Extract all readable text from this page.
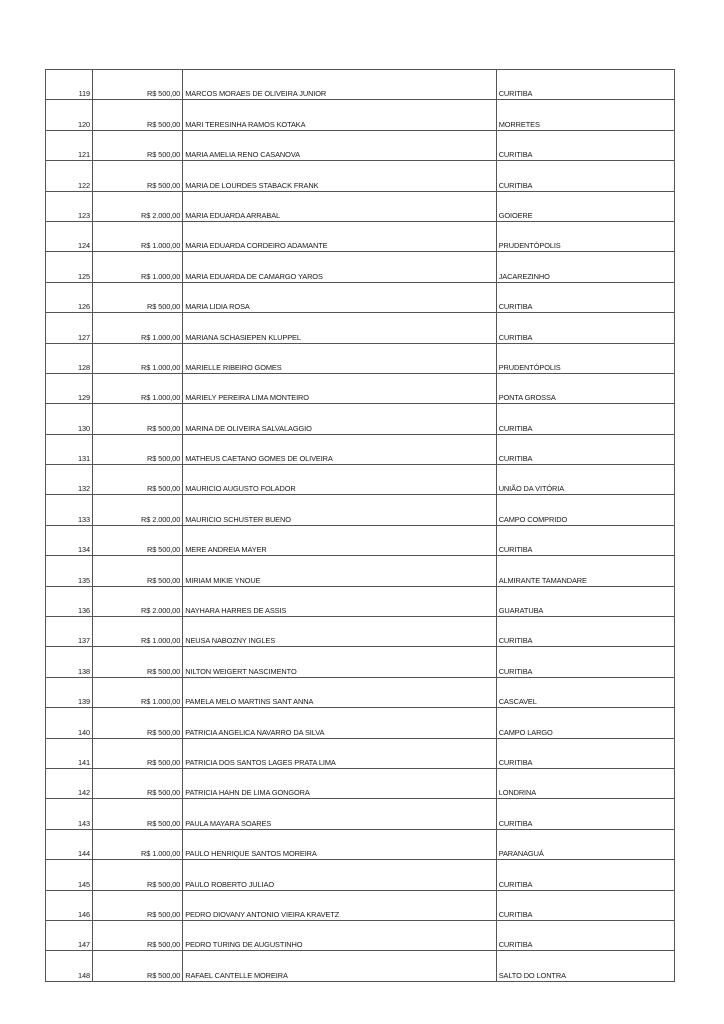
119	R$ 500,00	MARCOS MORAES DE OLIVEIRA JUNIOR	CURITIBA
120	R$ 500,00	MARI TERESINHA RAMOS KOTAKA	MORRETES
121	R$ 500,00	MARIA AMELIA RENO CASANOVA	CURITIBA
122	R$ 500,00	MARIA DE LOURDES STABACK FRANK	CURITIBA
123	R$ 2.000,00	MARIA EDUARDA ARRABAL	GOIOERE
124	R$ 1.000,00	MARIA EDUARDA CORDEIRO ADAMANTE	PRUDENTÓPOLIS
125	R$ 1.000,00	MARIA EDUARDA DE CAMARGO YAROS	JACAREZINHO
126	R$ 500,00	MARIA LIDIA ROSA	CURITIBA
127	R$ 1.000,00	MARIANA SCHASIEPEN KLUPPEL	CURITIBA
128	R$ 1.000,00	MARIELLE RIBEIRO GOMES	PRUDENTÓPOLIS
129	R$ 1.000,00	MARIELY PEREIRA LIMA MONTEIRO	PONTA GROSSA
130	R$ 500,00	MARINA DE OLIVEIRA SALVALAGGIO	CURITIBA
131	R$ 500,00	MATHEUS CAETANO GOMES DE OLIVEIRA	CURITIBA
132	R$ 500,00	MAURICIO AUGUSTO FOLADOR	UNIÃO DA VITÓRIA
133	R$ 2.000,00	MAURICIO SCHUSTER BUENO	CAMPO COMPRIDO
134	R$ 500,00	MERE ANDREIA MAYER	CURITIBA
135	R$ 500,00	MIRIAM MIKIE YNOUE	ALMIRANTE TAMANDARE
136	R$ 2.000,00	NAYHARA HARRES DE ASSIS	GUARATUBA
137	R$ 1.000,00	NEUSA NABOZNY INGLES	CURITIBA
138	R$ 500,00	NILTON WEIGERT NASCIMENTO	CURITIBA
139	R$ 1.000,00	PAMELA MELO MARTINS SANT ANNA	CASCAVEL
140	R$ 500,00	PATRICIA ANGELICA NAVARRO DA SILVA	CAMPO LARGO
141	R$ 500,00	PATRICIA DOS SANTOS LAGES PRATA LIMA	CURITIBA
142	R$ 500,00	PATRICIA HAHN DE LIMA GONGORA	LONDRINA
143	R$ 500,00	PAULA MAYARA SOARES	CURITIBA
144	R$ 1.000,00	PAULO HENRIQUE SANTOS MOREIRA	PARANAGUÁ
145	R$ 500,00	PAULO ROBERTO JULIAO	CURITIBA
146	R$ 500,00	PEDRO DIOVANY ANTONIO VIEIRA KRAVETZ	CURITIBA
147	R$ 500,00	PEDRO TURING DE AUGUSTINHO	CURITIBA
148	R$ 500,00	RAFAEL CANTELLE MOREIRA	SALTO DO LONTRA
